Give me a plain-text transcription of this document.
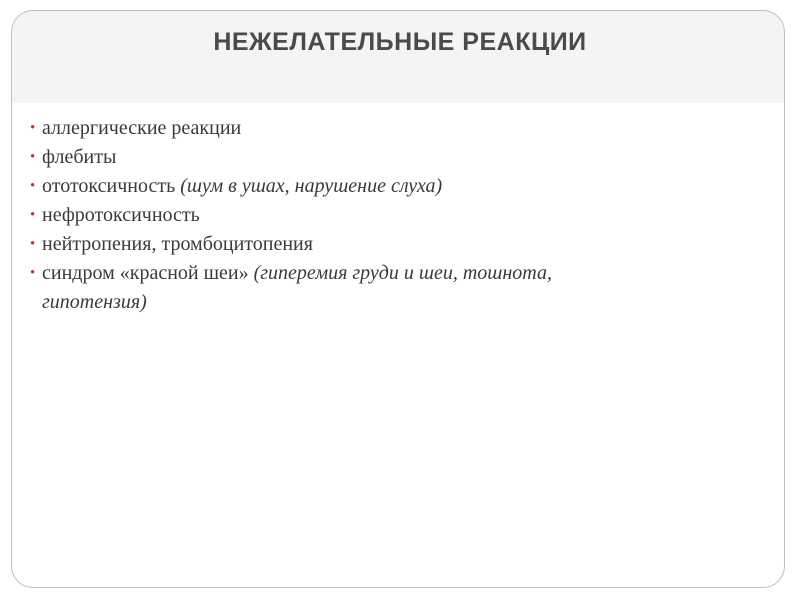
НЕЖЕЛАТЕЛЬНЫЕ РЕАКЦИИ
• аллергические реакции
• флебиты
• ототоксичность (шум в ушах, нарушение слуха)
• нефротоксичность
• нейтропения, тромбоцитопения
• синдром «красной шеи» (гиперемия груди и шеи, тошнота,
гипотензия)
